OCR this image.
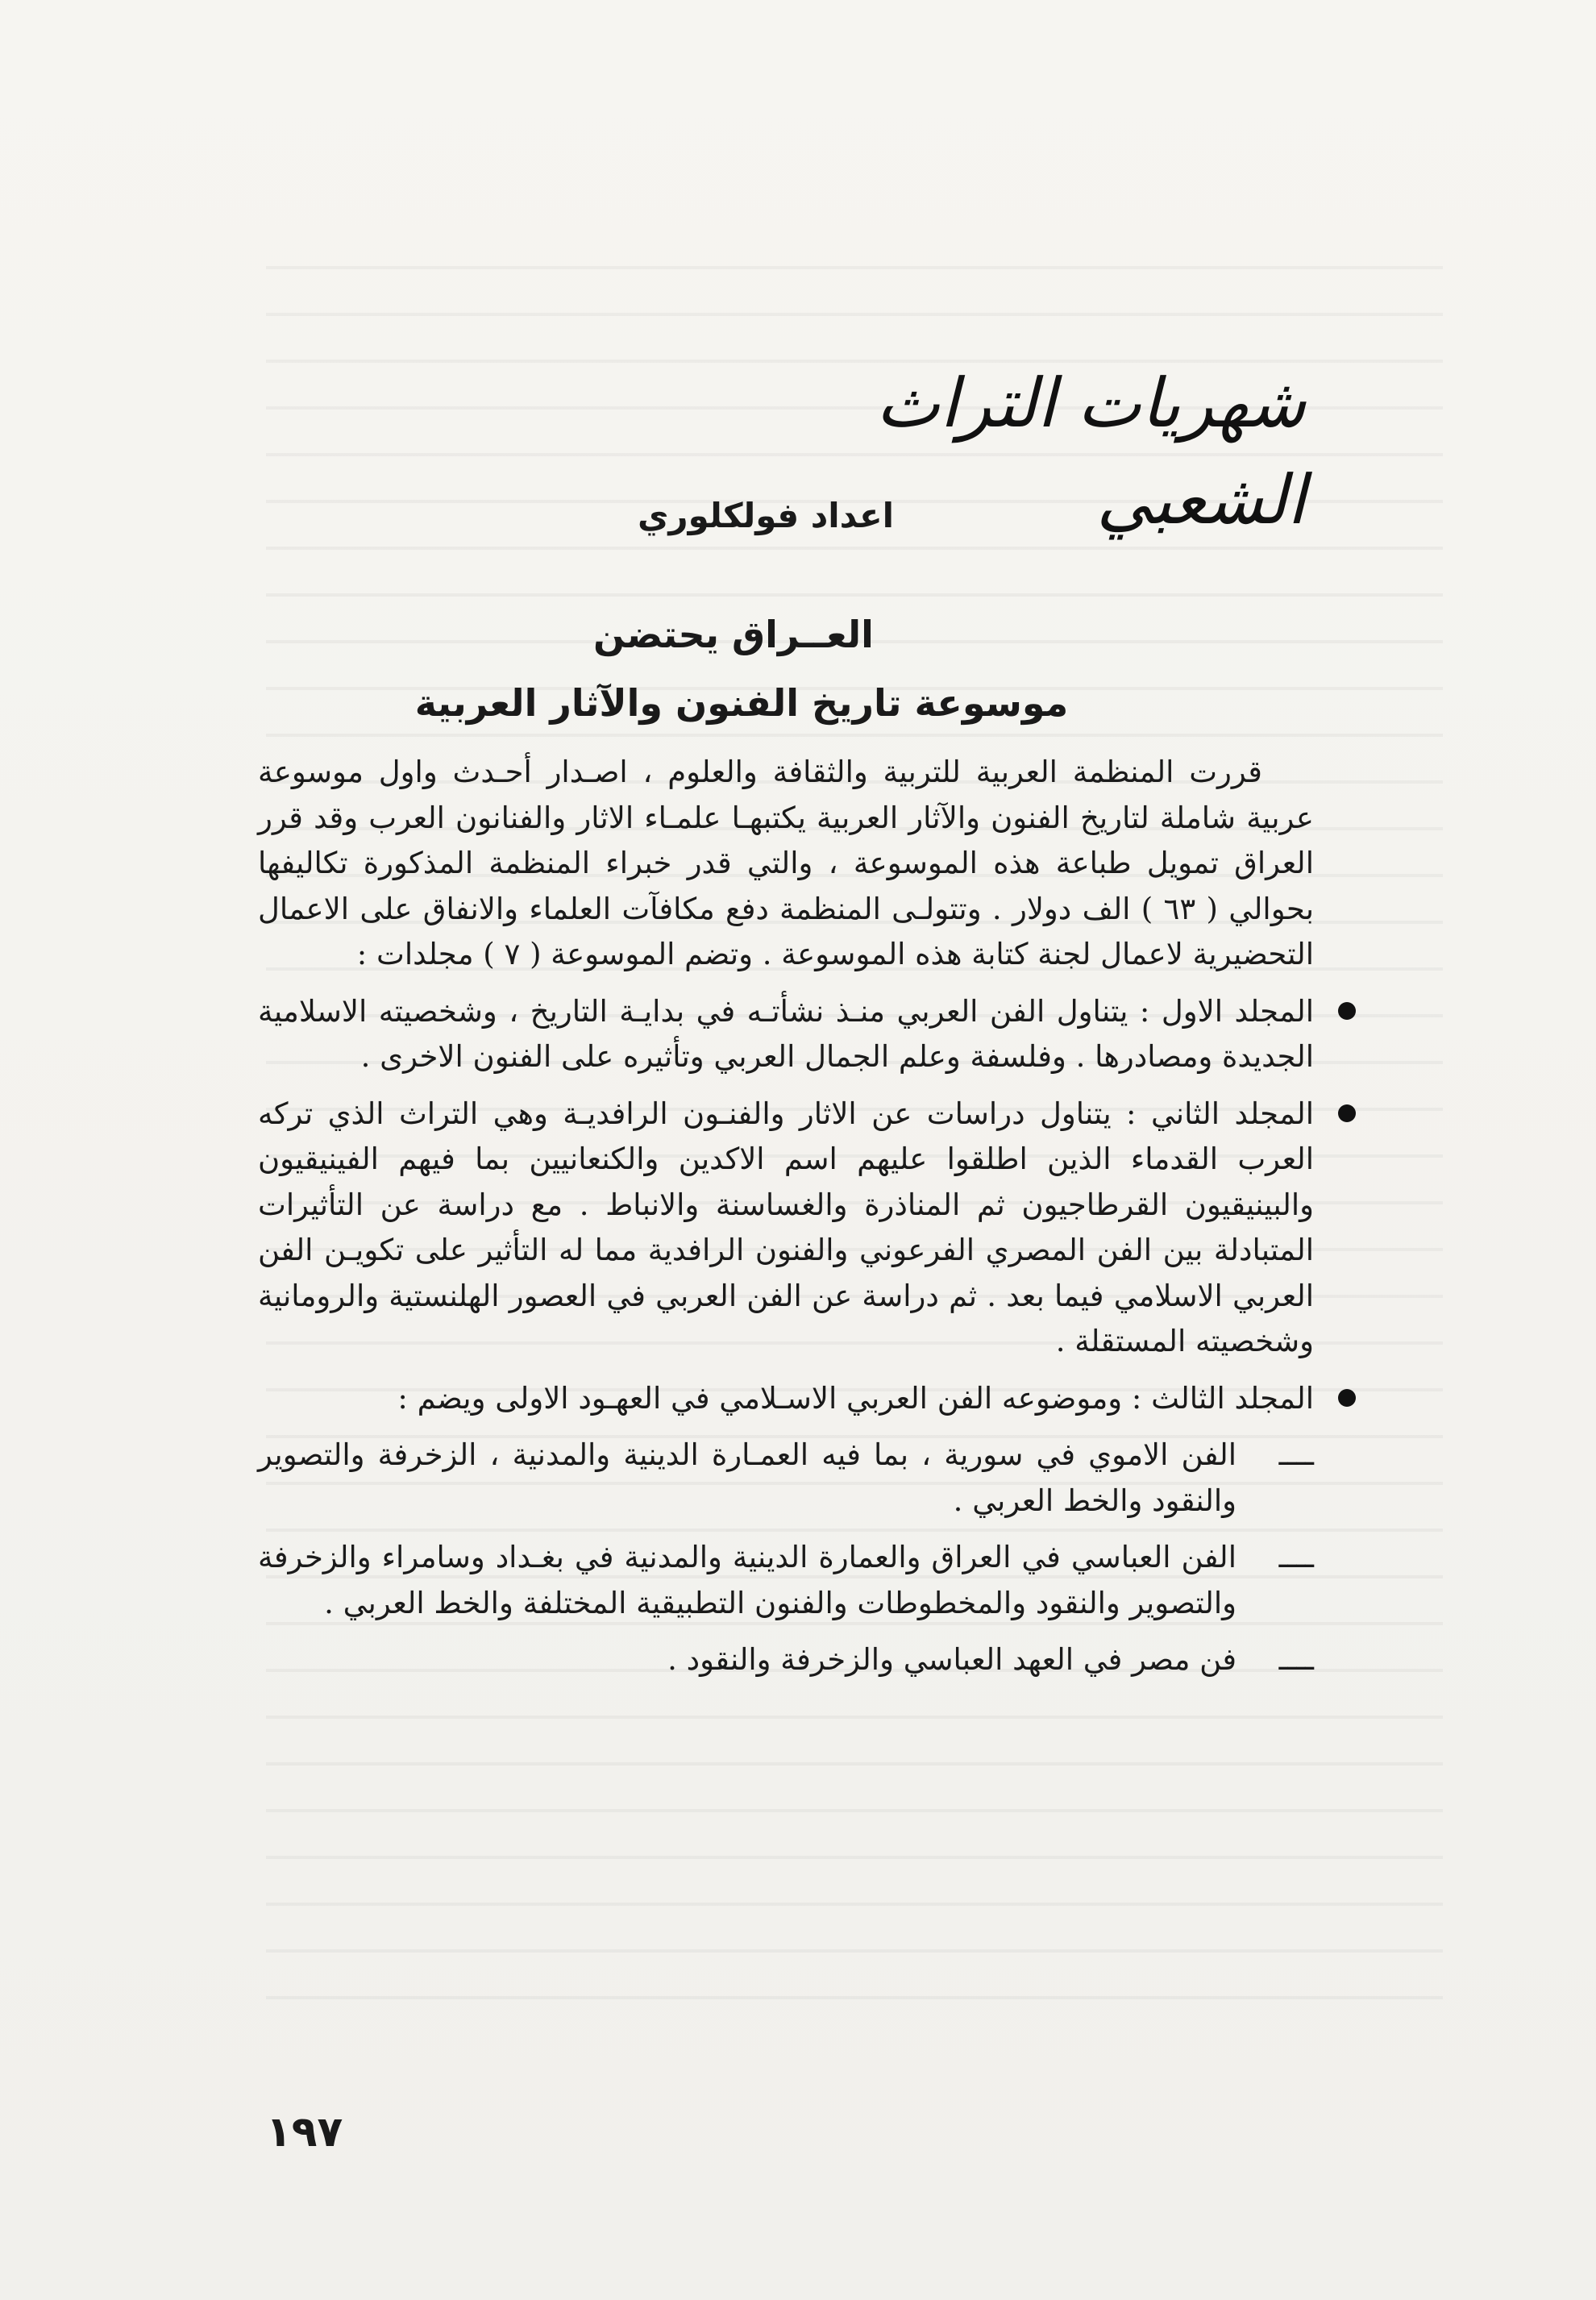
شهريات التراث الشعبي
اعداد فولكلوري
العــراق يحتضن
موسوعة تاريخ الفنون والآثار العربية

قررت المنظمة العربية للتربية والثقافة والعلوم ، اصـدار أحـدث واول موسوعة عربية شاملة لتاريخ الفنون والآثار العربية يكتبهـا علمـاء الاثار والفنانون العرب وقد قرر العراق تمويل طباعة هذه الموسوعة ، والتي قدر خبراء المنظمة المذكورة تكاليفها بحوالي ( ٦٣ ) الف دولار . وتتولـى المنظمة دفع مكافآت العلماء والانفاق على الاعمال التحضيرية لاعمال لجنة كتابة هذه الموسوعة . وتضم الموسوعة ( ٧ ) مجلدات :

المجلد الاول : يتناول الفن العربي منـذ نشأتـه في بدايـة التاريخ ، وشخصيته الاسلامية الجديدة ومصادرها . وفلسفة وعلم الجمال العربي وتأثيره على الفنون الاخرى .
المجلد الثاني : يتناول دراسات عن الاثار والفنـون الرافديـة وهي التراث الذي تركه العرب القدماء الذين اطلقوا عليهم اسم الاكدين والكنعانيين بما فيهم الفينيقيون والبينيقيون القرطاجيون ثم المناذرة والغساسنة والانباط . مع دراسة عن التأثيرات المتبادلة بين الفن المصري الفرعوني والفنون الرافدية مما له التأثير على تكويـن الفن العربي الاسلامي فيما بعد . ثم دراسة عن الفن العربي في العصور الهلنستية والرومانية وشخصيته المستقلة .
المجلد الثالث : وموضوعه الفن العربي الاسـلامي في العهـود الاولى ويضم :
ــــ
الفن الاموي في سورية ، بما فيه العمـارة الدينية والمدنية ، الزخرفة والتصوير والنقود والخط العربي .
ــــ
الفن العباسي في العراق والعمارة الدينية والمدنية في بغـداد وسامراء والزخرفة والتصوير والنقود والمخطوطات والفنون التطبيقية المختلفة والخط العربي .
ــــ
فن مصر في العهد العباسي والزخرفة والنقود .
١٩٧
